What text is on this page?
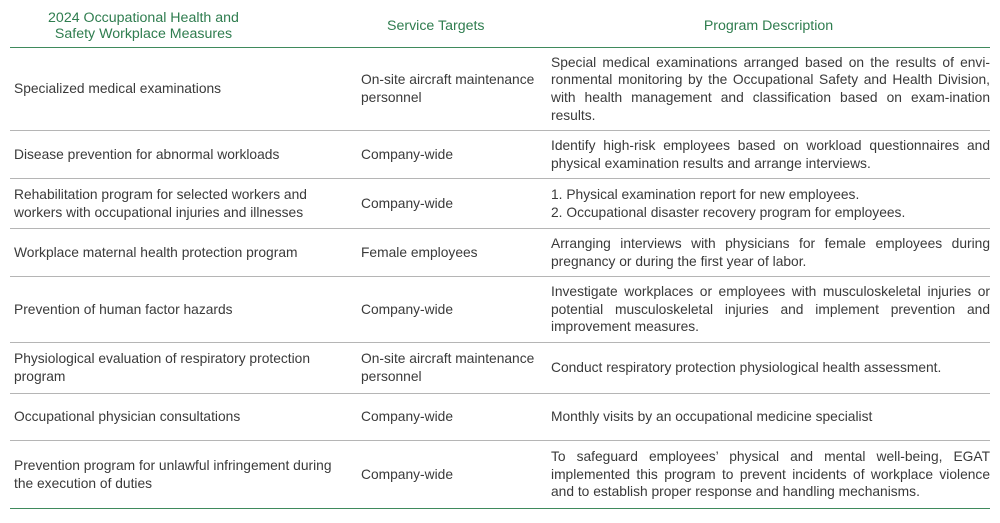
2024 Occupational Health and
Safety Workplace Measures	Service Targets	Program Description
Specialized medical examinations	On-site aircraft maintenance personnel	Special medical examinations arranged based on the results of envi-ronmental monitoring by the Occupational Safety and Health Division, with health management and classification based on exam-ination results.
Disease prevention for abnormal workloads	Company-wide	Identify high-risk employees based on workload questionnaires and physical examination results and arrange interviews.
Rehabilitation program for selected workers and workers with occupational injuries and illnesses	Company-wide	1. Physical examination report for new employees.
2. Occupational disaster recovery program for employees.

Workplace maternal health protection program	Female employees	Arranging interviews with physicians for female employees during pregnancy or during the first year of labor.
Prevention of human factor hazards	Company-wide	Investigate workplaces or employees with musculoskeletal injuries or potential musculoskeletal injuries and implement prevention and improvement measures.
Physiological evaluation of respiratory protection program	On-site aircraft maintenance personnel	Conduct respiratory protection physiological health assessment.
Occupational physician consultations	Company-wide	Monthly visits by an occupational medicine specialist
Prevention program for unlawful infringement during the execution of duties	Company-wide	To safeguard employees’ physical and mental well-being, EGAT implemented this program to prevent incidents of workplace violence and to establish proper response and handling mechanisms.
